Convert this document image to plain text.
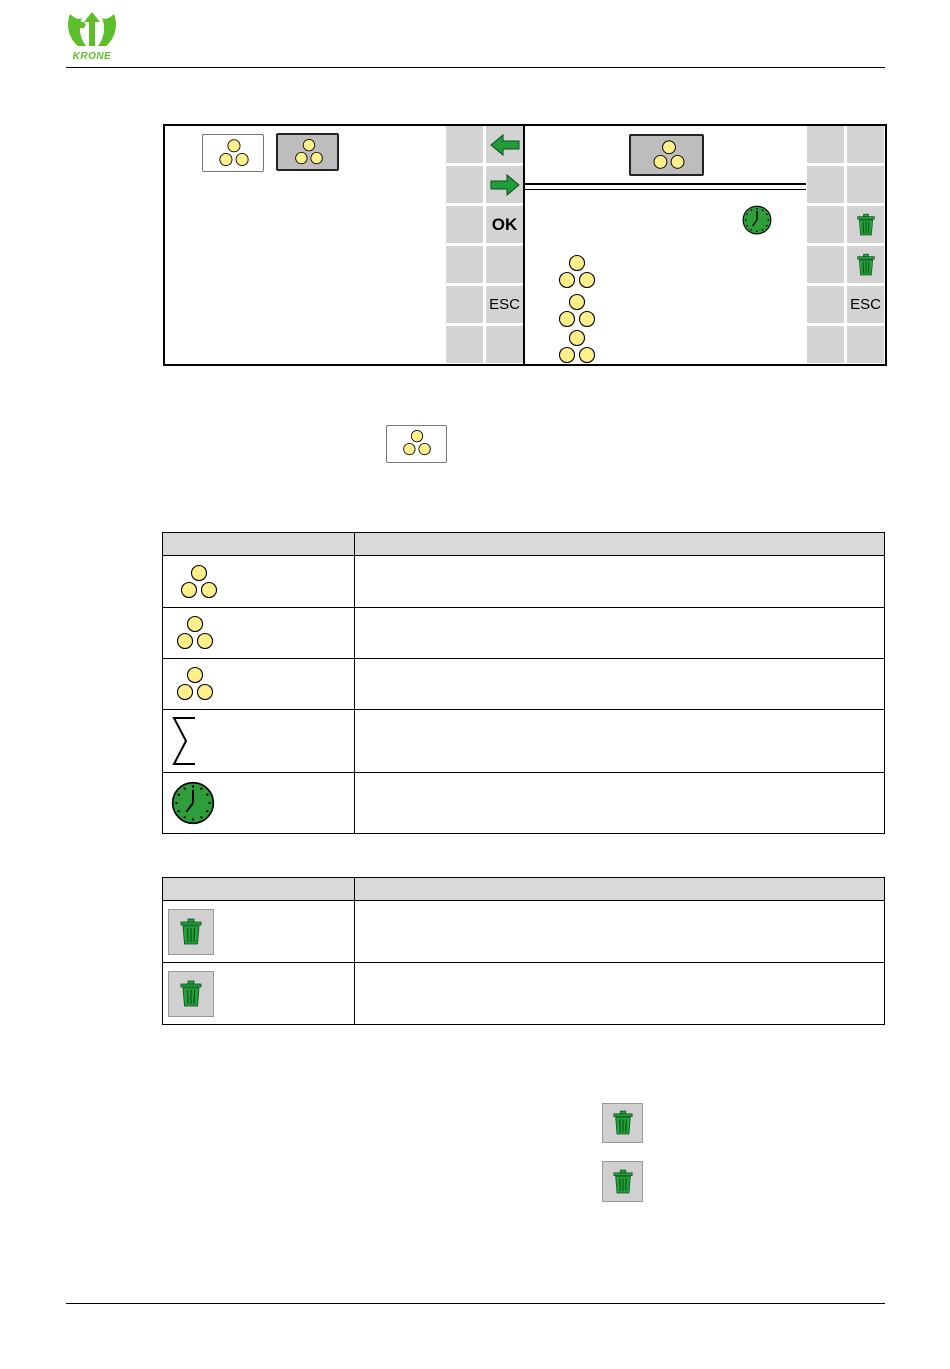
KRONE
OK
ESC	ESC
